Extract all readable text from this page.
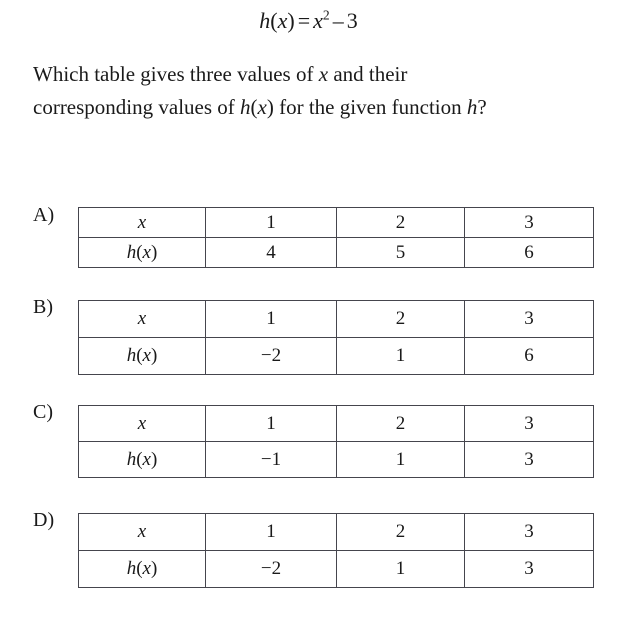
$h(x) = x^2 - 3$
Which table gives three values of x and their corresponding values of h(x) for the given function h?
A)	x	1	2	3
h(x)	4	5	6
B)
x	1	2	3
h(x)	−2	1	6
C)	x	1	2	3
h(x)	−1	1	3
D)
x	1	2	3
h(x)	−2	1	3
